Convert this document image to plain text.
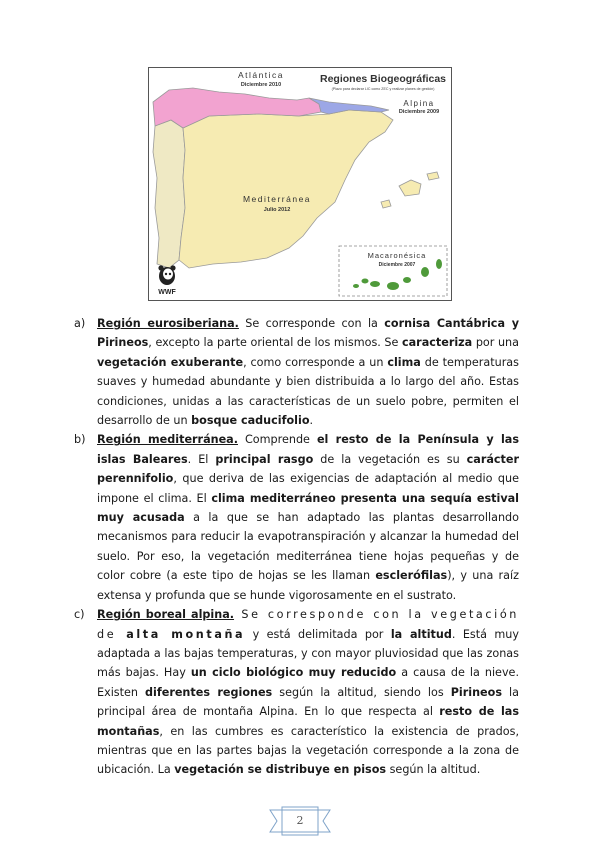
Regiones Biogeográficas
(Plazo para declarar LIC como ZEC y realizar planes de gestión)
Atlántica
Diciembre 2010
Alpina
Diciembre 2009
Mediterránea
Julio 2012
Macaronésica
Diciembre 2007
WWF
a) Región eurosiberiana. Se corresponde con la cornisa Cantábrica y Pirineos, excepto la parte oriental de los mismos. Se caracteriza por una vegetación exuberante, como corresponde a un clima de temperaturas suaves y humedad abundante y bien distribuida a lo largo del año. Estas condiciones, unidas a las características de un suelo pobre, permiten el desarrollo de un bosque caducifolio.
b) Región mediterránea. Comprende el resto de la Península y las islas Baleares. El principal rasgo de la vegetación es su carácter perennifolio, que deriva de las exigencias de adaptación al medio que impone el clima. El clima mediterráneo presenta una sequía estival muy acusada a la que se han adaptado las plantas desarrollando mecanismos para reducir la evapotranspiración y alcanzar la humedad del suelo. Por eso, la vegetación mediterránea tiene hojas pequeñas y de color cobre (a este tipo de hojas se les llaman esclerófilas), y una raíz extensa y profunda que se hunde vigorosamente en el sustrato.
c) Región boreal alpina. Se corresponde con la vegetación de alta montaña y está delimitada por la altitud. Está muy adaptada a las bajas temperaturas, y con mayor pluviosidad que las zonas más bajas. Hay un ciclo biológico muy reducido a causa de la nieve. Existen diferentes regiones según la altitud, siendo los Pirineos la principal área de montaña Alpina. En lo que respecta al resto de las montañas, en las cumbres es característico la existencia de prados, mientras que en las partes bajas la vegetación corresponde a la zona de ubicación. La vegetación se distribuye en pisos según la altitud.
2
